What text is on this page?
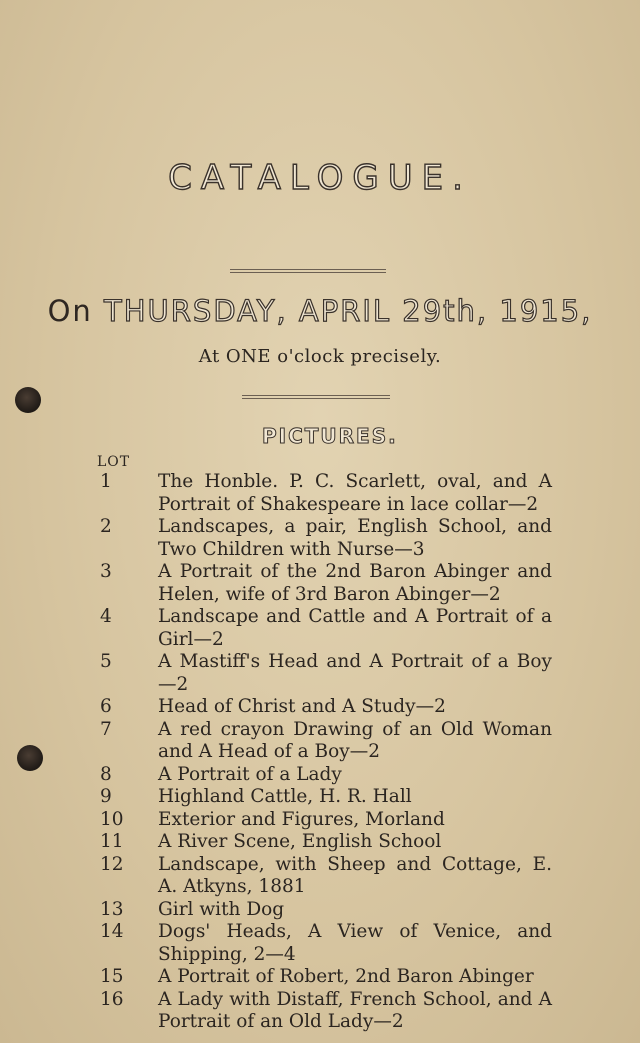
CATALOGUE.
On THURSDAY, APRIL 29th, 1915,
At ONE o'clock precisely.
PICTURES.
LOT
1	The Honble. P. C. Scarlett, oval, and A Portrait of Shakespeare in lace collar—2
2	Landscapes, a pair, English School, and Two Children with Nurse—3
3	A Portrait of the 2nd Baron Abinger and Helen, wife of 3rd Baron Abinger—2
4	Landscape and Cattle and A Portrait of a Girl—2
5	A Mastiff's Head and A Portrait of a Boy—2
6	Head of Christ and A Study—2
7	A red crayon Drawing of an Old Woman and A Head of a Boy—2
8	A Portrait of a Lady
9	Highland Cattle, H. R. Hall
10	Exterior and Figures, Morland
11	A River Scene, English School
12	Landscape, with Sheep and Cottage, E. A. Atkyns, 1881
13	Girl with Dog
14	Dogs' Heads, A View of Venice, and Shipping, 2—4
15	A Portrait of Robert, 2nd Baron Abinger
16	A Lady with Distaff, French School, and A Portrait of an Old Lady—2
